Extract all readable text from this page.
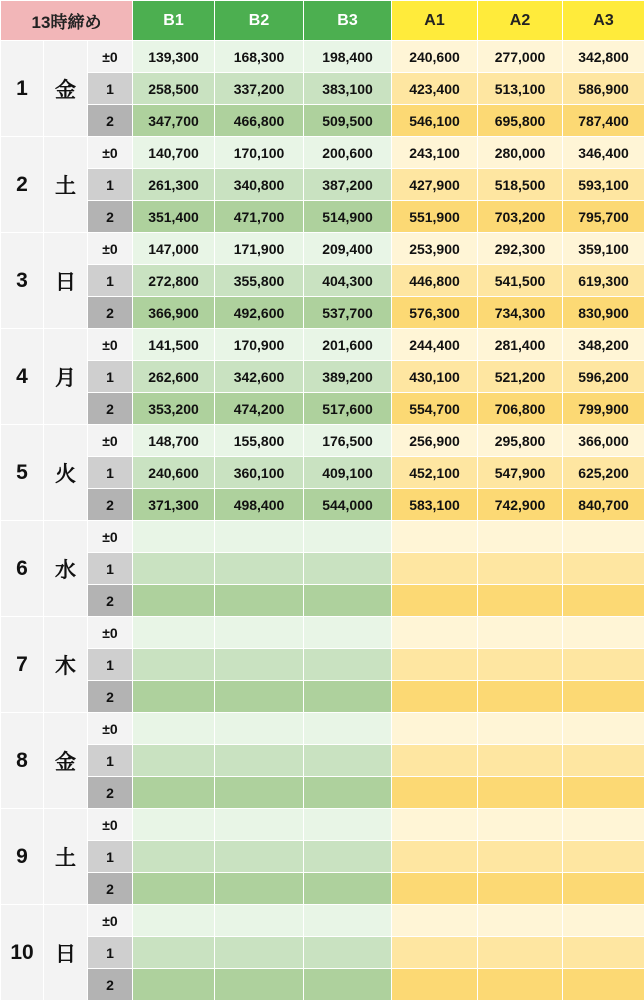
13時締め			B1	B2	B3	A1	A2	A3
1	金	±0	139,300	168,300	198,400	240,600	277,000	342,800
		1	258,500	337,200	383,100	423,400	513,100	586,900
		2	347,700	466,800	509,500	546,100	695,800	787,400
2	土	±0	140,700	170,100	200,600	243,100	280,000	346,400
		1	261,300	340,800	387,200	427,900	518,500	593,100
		2	351,400	471,700	514,900	551,900	703,200	795,700
3	日	±0	147,000	171,900	209,400	253,900	292,300	359,100
		1	272,800	355,800	404,300	446,800	541,500	619,300
		2	366,900	492,600	537,700	576,300	734,300	830,900
4	月	±0	141,500	170,900	201,600	244,400	281,400	348,200
		1	262,600	342,600	389,200	430,100	521,200	596,200
		2	353,200	474,200	517,600	554,700	706,800	799,900
5	火	±0	148,700	155,800	176,500	256,900	295,800	366,000
		1	240,600	360,100	409,100	452,100	547,900	625,200
		2	371,300	498,400	544,000	583,100	742,900	840,700
6	水	±0						
		1						
		2						
7	木	±0						
		1						
		2						
8	金	±0						
		1						
		2						
9	土	±0						
		1						
		2						
10	日	±0						
		1						
		2						
